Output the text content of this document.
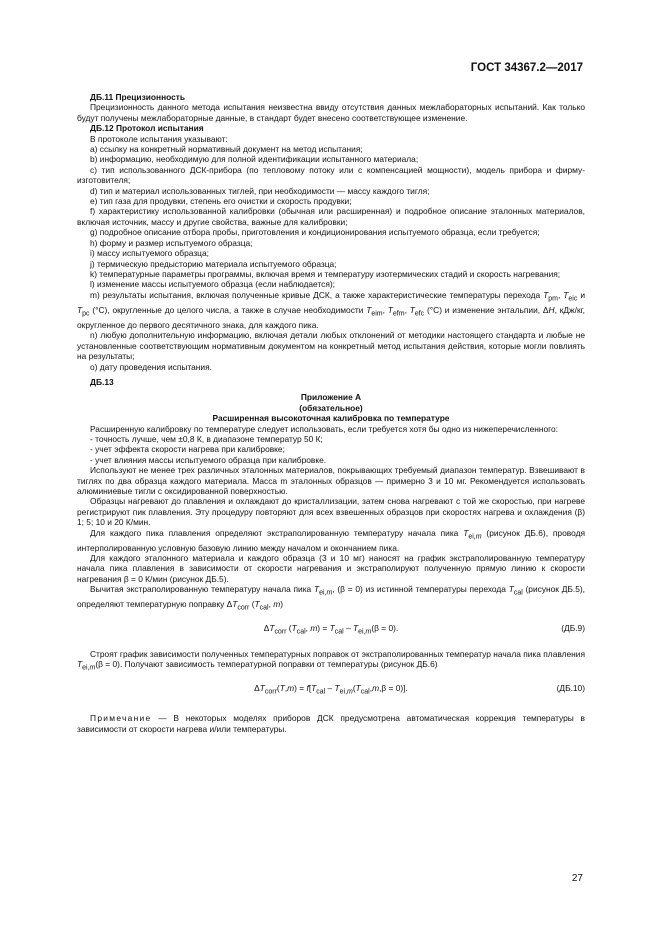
ГОСТ 34367.2—2017

ДБ.11 Прецизионность

Прецизионность данного метода испытания неизвестна ввиду отсутствия данных межлабораторных испытаний. Как только будут получены межлабораторные данные, в стандарт будет внесено соответствующее изменение.

ДБ.12 Протокол испытания

В протоколе испытания указывают:

а) ссылку на конкретный нормативный документ на метод испытания;

b) информацию, необходимую для полной идентификации испытанного материала;

c) тип использованного ДСК-прибора (по тепловому потоку или с компенсацией мощности), модель прибора и фирму-изготовителя;

d) тип и материал использованных тиглей, при необходимости — массу каждого тигля;

e) тип газа для продувки, степень его очистки и скорость продувки;

f) характеристику использованной калибровки (обычная или расширенная) и подробное описание эталонных материалов, включая источник, массу и другие свойства, важные для калибровки;

g) подробное описание отбора пробы, приготовления и кондиционирования испытуемого образца, если требуется;

h) форму и размер испытуемого образца;

i) массу испытуемого образца;

j) термическую предысторию материала испытуемого образца;

k) температурные параметры программы, включая время и температуру изотермических стадий и скорость нагревания;

l) изменение массы испытуемого образца (если наблюдается);

m) результаты испытания, включая полученные кривые ДСК, а также характеристические температуры перехода $T_{pm}$, $T_{eic}$ и $T_{pc}$ (°C), округленные до целого числа, а также в случае необходимости $T_{eim}$, $T_{efm}$, $T_{efc}$ (°C) и изменение энтальпии, ΔH, кДж/кг, округленное до первого десятичного знака, для каждого пика.

n) любую дополнительную информацию, включая детали любых отклонений от методики настоящего стандарта и любые не установленные соответствующим нормативным документом на конкретный метод испытания действия, которые могли повлиять на результаты;

o) дату проведения испытания.

ДБ.13

Приложение А

(обязательное)

Расширенная высокоточная калибровка по температуре

Расширенную калибровку по температуре следует использовать, если требуется хотя бы одно из нижеперечисленного:

- точность лучше, чем ±0,8 К, в диапазоне температур 50 К;

- учет эффекта скорости нагрева при калибровке;

- учет влияния массы испытуемого образца при калибровке.

Используют не менее трех различных эталонных материалов, покрывающих требуемый диапазон температур. Взвешивают в тиглях по два образца каждого материала. Масса m эталонных образцов — примерно 3 и 10 мг. Рекомендуется использовать алюминиевые тигли с оксидированной поверхностью.

Образцы нагревают до плавления и охлаждают до кристаллизации, затем снова нагревают с той же скоростью, при нагреве регистрируют пик плавления. Эту процедуру повторяют для всех взвешенных образцов при скоростях нагрева и охлаждения (β) 1; 5; 10 и 20 К/мин.

Для каждого пика плавления определяют экстраполированную температуру начала пика $T_{ei,m}$ (рисунок ДБ.6), проводя интерполированную условную базовую линию между началом и окончанием пика.

Для каждого эталонного материала и каждого образца (3 и 10 мг) наносят на график экстраполированную температуру начала пика плавления в зависимости от скорости нагревания и экстраполируют полученную прямую линию к скорости нагревания β = 0 К/мин (рисунок ДБ.5).

Вычитая экстраполированную температуру начала пика $T_{ei,m}$, (β = 0) из истинной температуры перехода $T_{cal}$ (рисунок ДБ.5), определяют температурную поправку $\Delta T_{corr}$ ($T_{cal}$, m)

$\Delta T_{corr}$ ($T_{cal}$, $m) = T_{cal} - T_{ei,m}(\beta = 0)$.	(ДБ.9)

Строят график зависимости полученных температурных поправок от экстраполированных температур начала пика плавления $T_{ei,m}(\beta = 0)$. Получают зависимость температурной поправки от температуры (рисунок ДБ.6)

$\Delta T_{corr}(T,m) = f[T_{cal} - T_{ei,m}(T_{cal},m,\beta = 0)]$.	(ДБ.10)

Примечание — В некоторых моделях приборов ДСК предусмотрена автоматическая коррекция температуры в зависимости от скорости нагрева и/или температуры.

27
